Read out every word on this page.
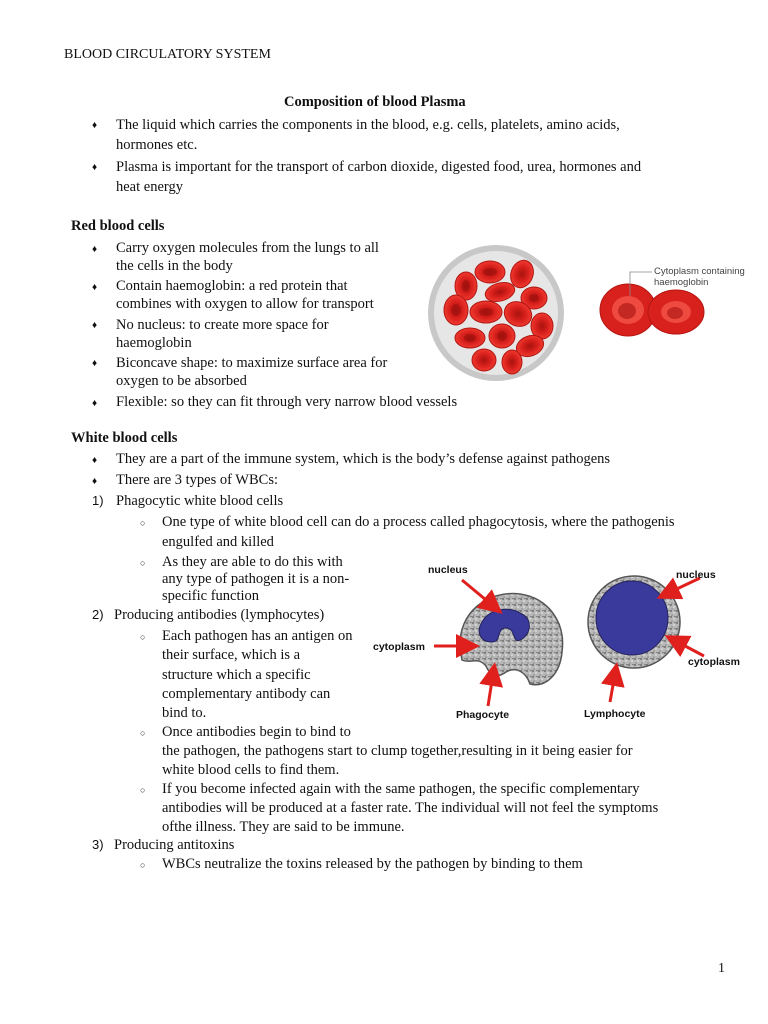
BLOOD CIRCULATORY SYSTEM
Composition of blood Plasma
♦ The liquid which carries the components in the blood, e.g. cells, platelets, amino acids,
hormones etc.
♦ Plasma is important for the transport of carbon dioxide, digested food, urea, hormones and
heat energy
Red blood cells
♦ Carry oxygen molecules from the lungs to all
the cells in the body
♦ Contain haemoglobin: a red protein that
combines with oxygen to allow for transport
♦ No nucleus: to create more space for
haemoglobin
♦ Biconcave shape: to maximize surface area for
oxygen to be absorbed
♦ Flexible: so they can fit through very narrow blood vessels
Cytoplasm containing
haemoglobin
White blood cells
♦ They are a part of the immune system, which is the body’s defense against pathogens
♦ There are 3 types of WBCs:
1) Phagocytic white blood cells
○ One type of white blood cell can do a process called phagocytosis, where the pathogenis
engulfed and killed
○ As they are able to do this with
any type of pathogen it is a non-
specific function
2) Producing antibodies (lymphocytes)
○ Each pathogen has an antigen on
their surface, which is a
structure which a specific
complementary antibody can
bind to.
○ Once antibodies begin to bind to
the pathogen, the pathogens start to clump together,resulting in it being easier for
white blood cells to find them.
○ If you become infected again with the same pathogen, the specific complementary
antibodies will be produced at a faster rate. The individual will not feel the symptoms
ofthe illness. They are said to be immune.
3) Producing antitoxins
○ WBCs neutralize the toxins released by the pathogen by binding to them
nucleus	nucleus
cytoplasm
cytoplasm
Phagocyte	Lymphocyte
1
